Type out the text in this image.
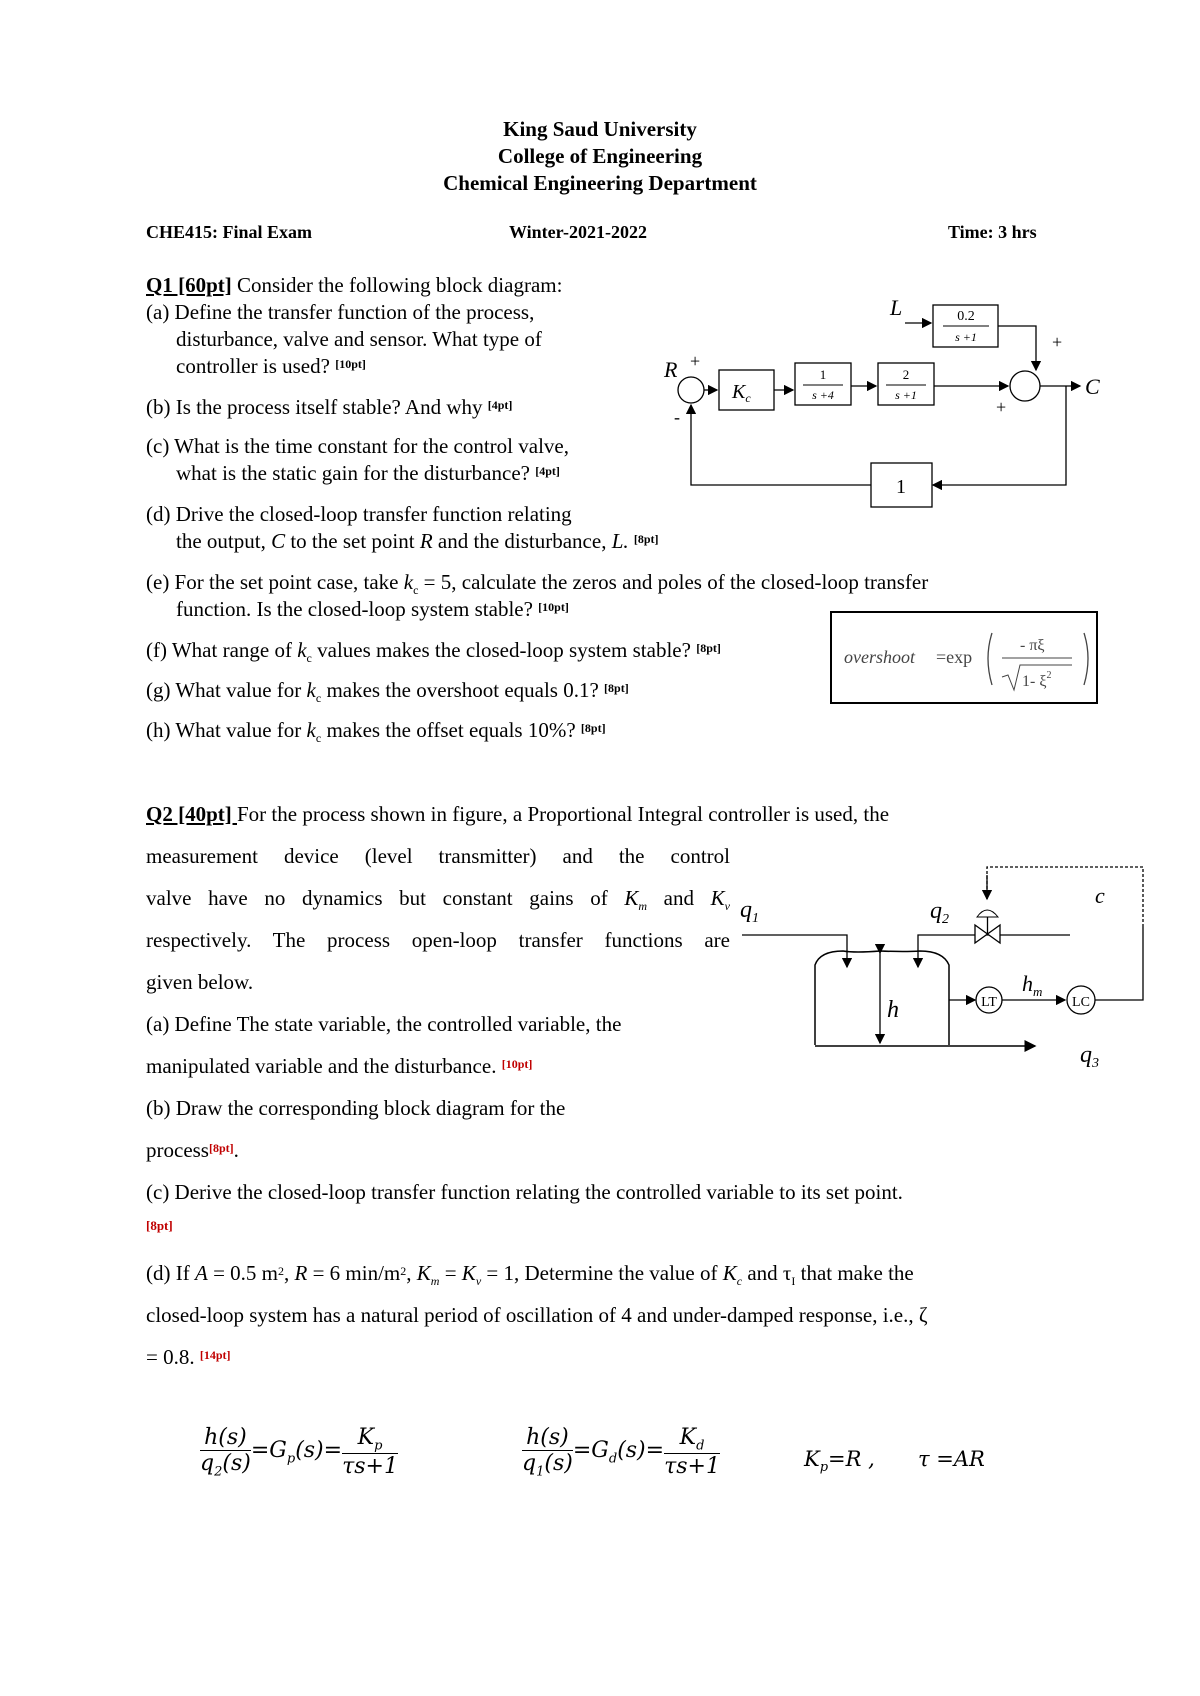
King Saud University
College of Engineering
Chemical Engineering Department
CHE415: Final Exam	Winter-2021-2022	Time: 3 hrs
Q1 [60pt] Consider the following block diagram:
(a) Define the transfer function of the process,
disturbance, valve and sensor. What type of
controller is used? [10pt]
(b) Is the process itself stable? And why [4pt]
(c) What is the time constant for the control valve,
what is the static gain for the disturbance? [4pt]
(d) Drive the closed-loop transfer function relating
the output, C to the set point R and the disturbance, L. [8pt]
(e) For the set point case, take $k_c = 5$, calculate the zeros and poles of the closed-loop transfer
function. Is the closed-loop system stable? [10pt]
(f) What range of $k_c$ values makes the closed-loop system stable? [8pt]
(g) What value for $k_c$ makes the overshoot equals 0.1? [8pt]
(h) What value for $k_c$ makes the offset equals 10%? [8pt]
L	0.2
s +1	+
R +
-
$K_c$
1
s +4
2
s +1
+
C
1
overshoot =exp
- πξ
1- $\xi^2$
Q2 [40pt] For the process shown in figure, a Proportional Integral controller is used, the
measurement device (level transmitter) and the control
valve have no dynamics but constant gains of $K_m$ and $K_v$
respectively. The process open-loop transfer functions are
given below.
(a) Define The state variable, the controlled variable, the
manipulated variable and the disturbance. [10pt]
(b) Draw the corresponding block diagram for the
process[8pt].
(c) Derive the closed-loop transfer function relating the controlled variable to its set point.
[8pt]
(d) If A = 0.5 $m^2$, R = 6 $\min/m^2$, $K_m = K_v = 1$, Determine the value of $K_c$ and $\tau_I$ that make the
closed-loop system has a natural period of oscillation of 4 and under-damped response, i.e., ζ
= 0.8. [14pt]
$q_1$	$q_2$
c
h
$q_3$
LT
$h_m$
LC
$\frac{h(s)}{q_2(s)} =G_p(s)= \frac{K_p}{\tau s+1}$	$\frac{h(s)}{q_1(s)} =G_d(s)= \frac{K_d}{\tau s+1}$	$K_p=R$ , τ =AR
